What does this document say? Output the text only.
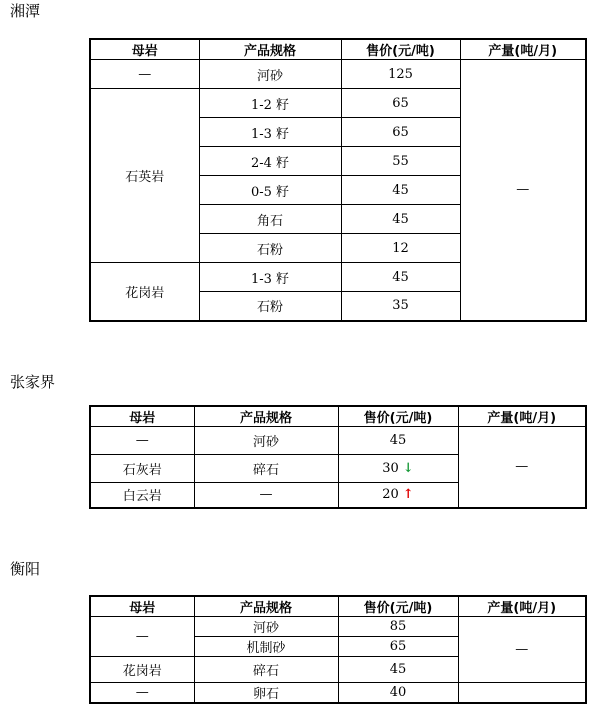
湘潭
母岩	产品规格	售价(元/吨)	产量(吨/月)
—	河砂	125	—
石英岩	1-2 籽	65	
	1-3 籽	65	
	2-4 籽	55	
	0-5 籽	45	
	角石	45	
	石粉	12	
花岗岩	1-3 籽	45	
	石粉	35	
张家界
母岩	产品规格	售价(元/吨)	产量(吨/月)
—	河砂	45	—
石灰岩	碎石	30 ↓	
白云岩	—	20 ↑	
衡阳
母岩	产品规格	售价(元/吨)	产量(吨/月)
—	河砂	85	—
	机制砂	65	
花岗岩	碎石	45	
—	卵石	40	
